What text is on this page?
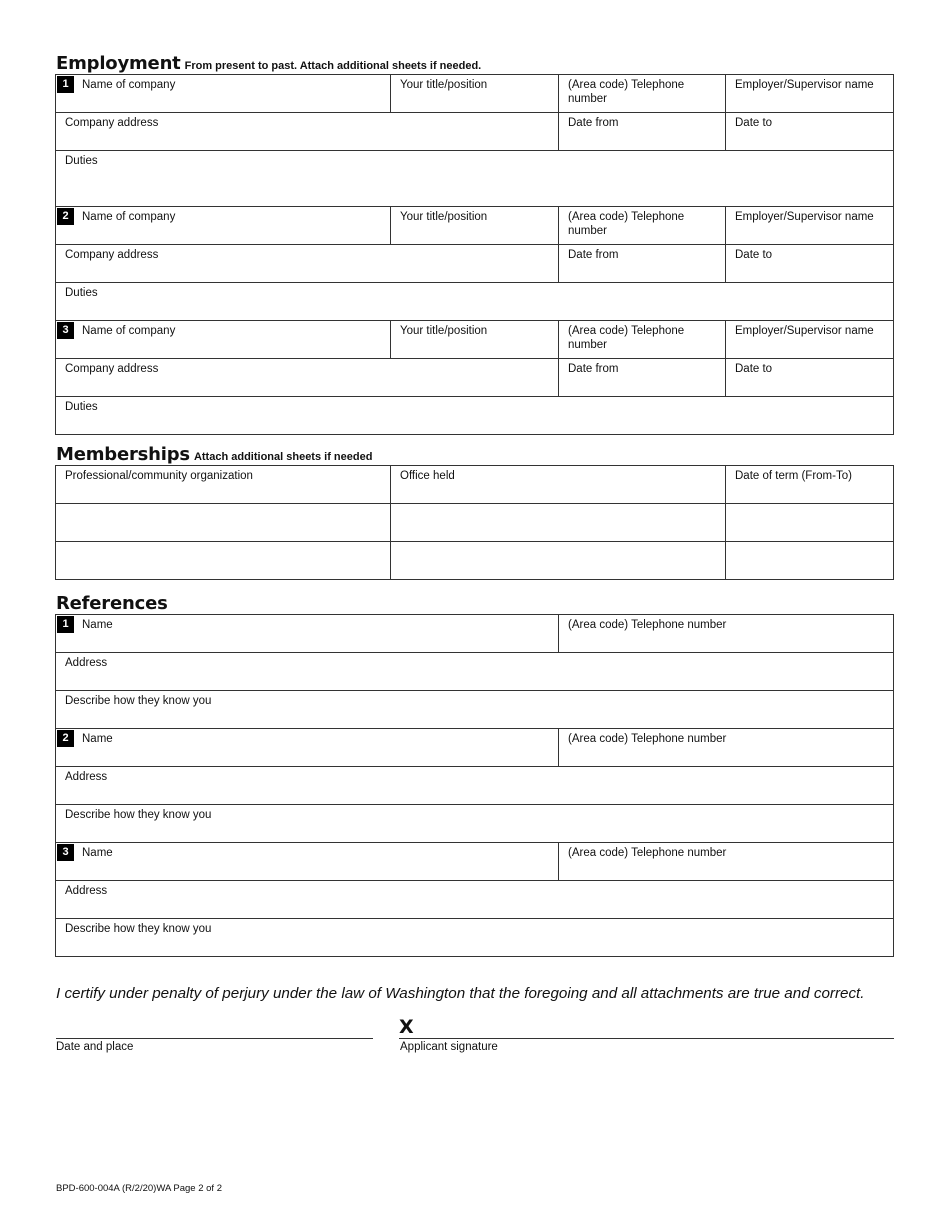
Employment From present to past. Attach additional sheets if needed.
1 Name of company	Your title/position	(Area code) Telephone number	Employer/Supervisor name
Company address		Date from	Date to
Duties			

2 Name of company	Your title/position	(Area code) Telephone number	Employer/Supervisor name
Company address		Date from	Date to
Duties			

3 Name of company	Your title/position	(Area code) Telephone number	Employer/Supervisor name
Company address		Date from	Date to
Duties			
Memberships Attach additional sheets if needed
Professional/community organization	Office held	Date of term (From-To)

References
1 Name	(Area code) Telephone number
Address	
Describe how they know you	

2 Name	(Area code) Telephone number
Address	
Describe how they know you	

3 Name	(Area code) Telephone number
Address	
Describe how they know you	
I certify under penalty of perjury under the law of Washington that the foregoing and all attachments are true and correct.
Date and place
X
Applicant signature
BPD-600-004A (R/2/20)WA Page 2 of 2
